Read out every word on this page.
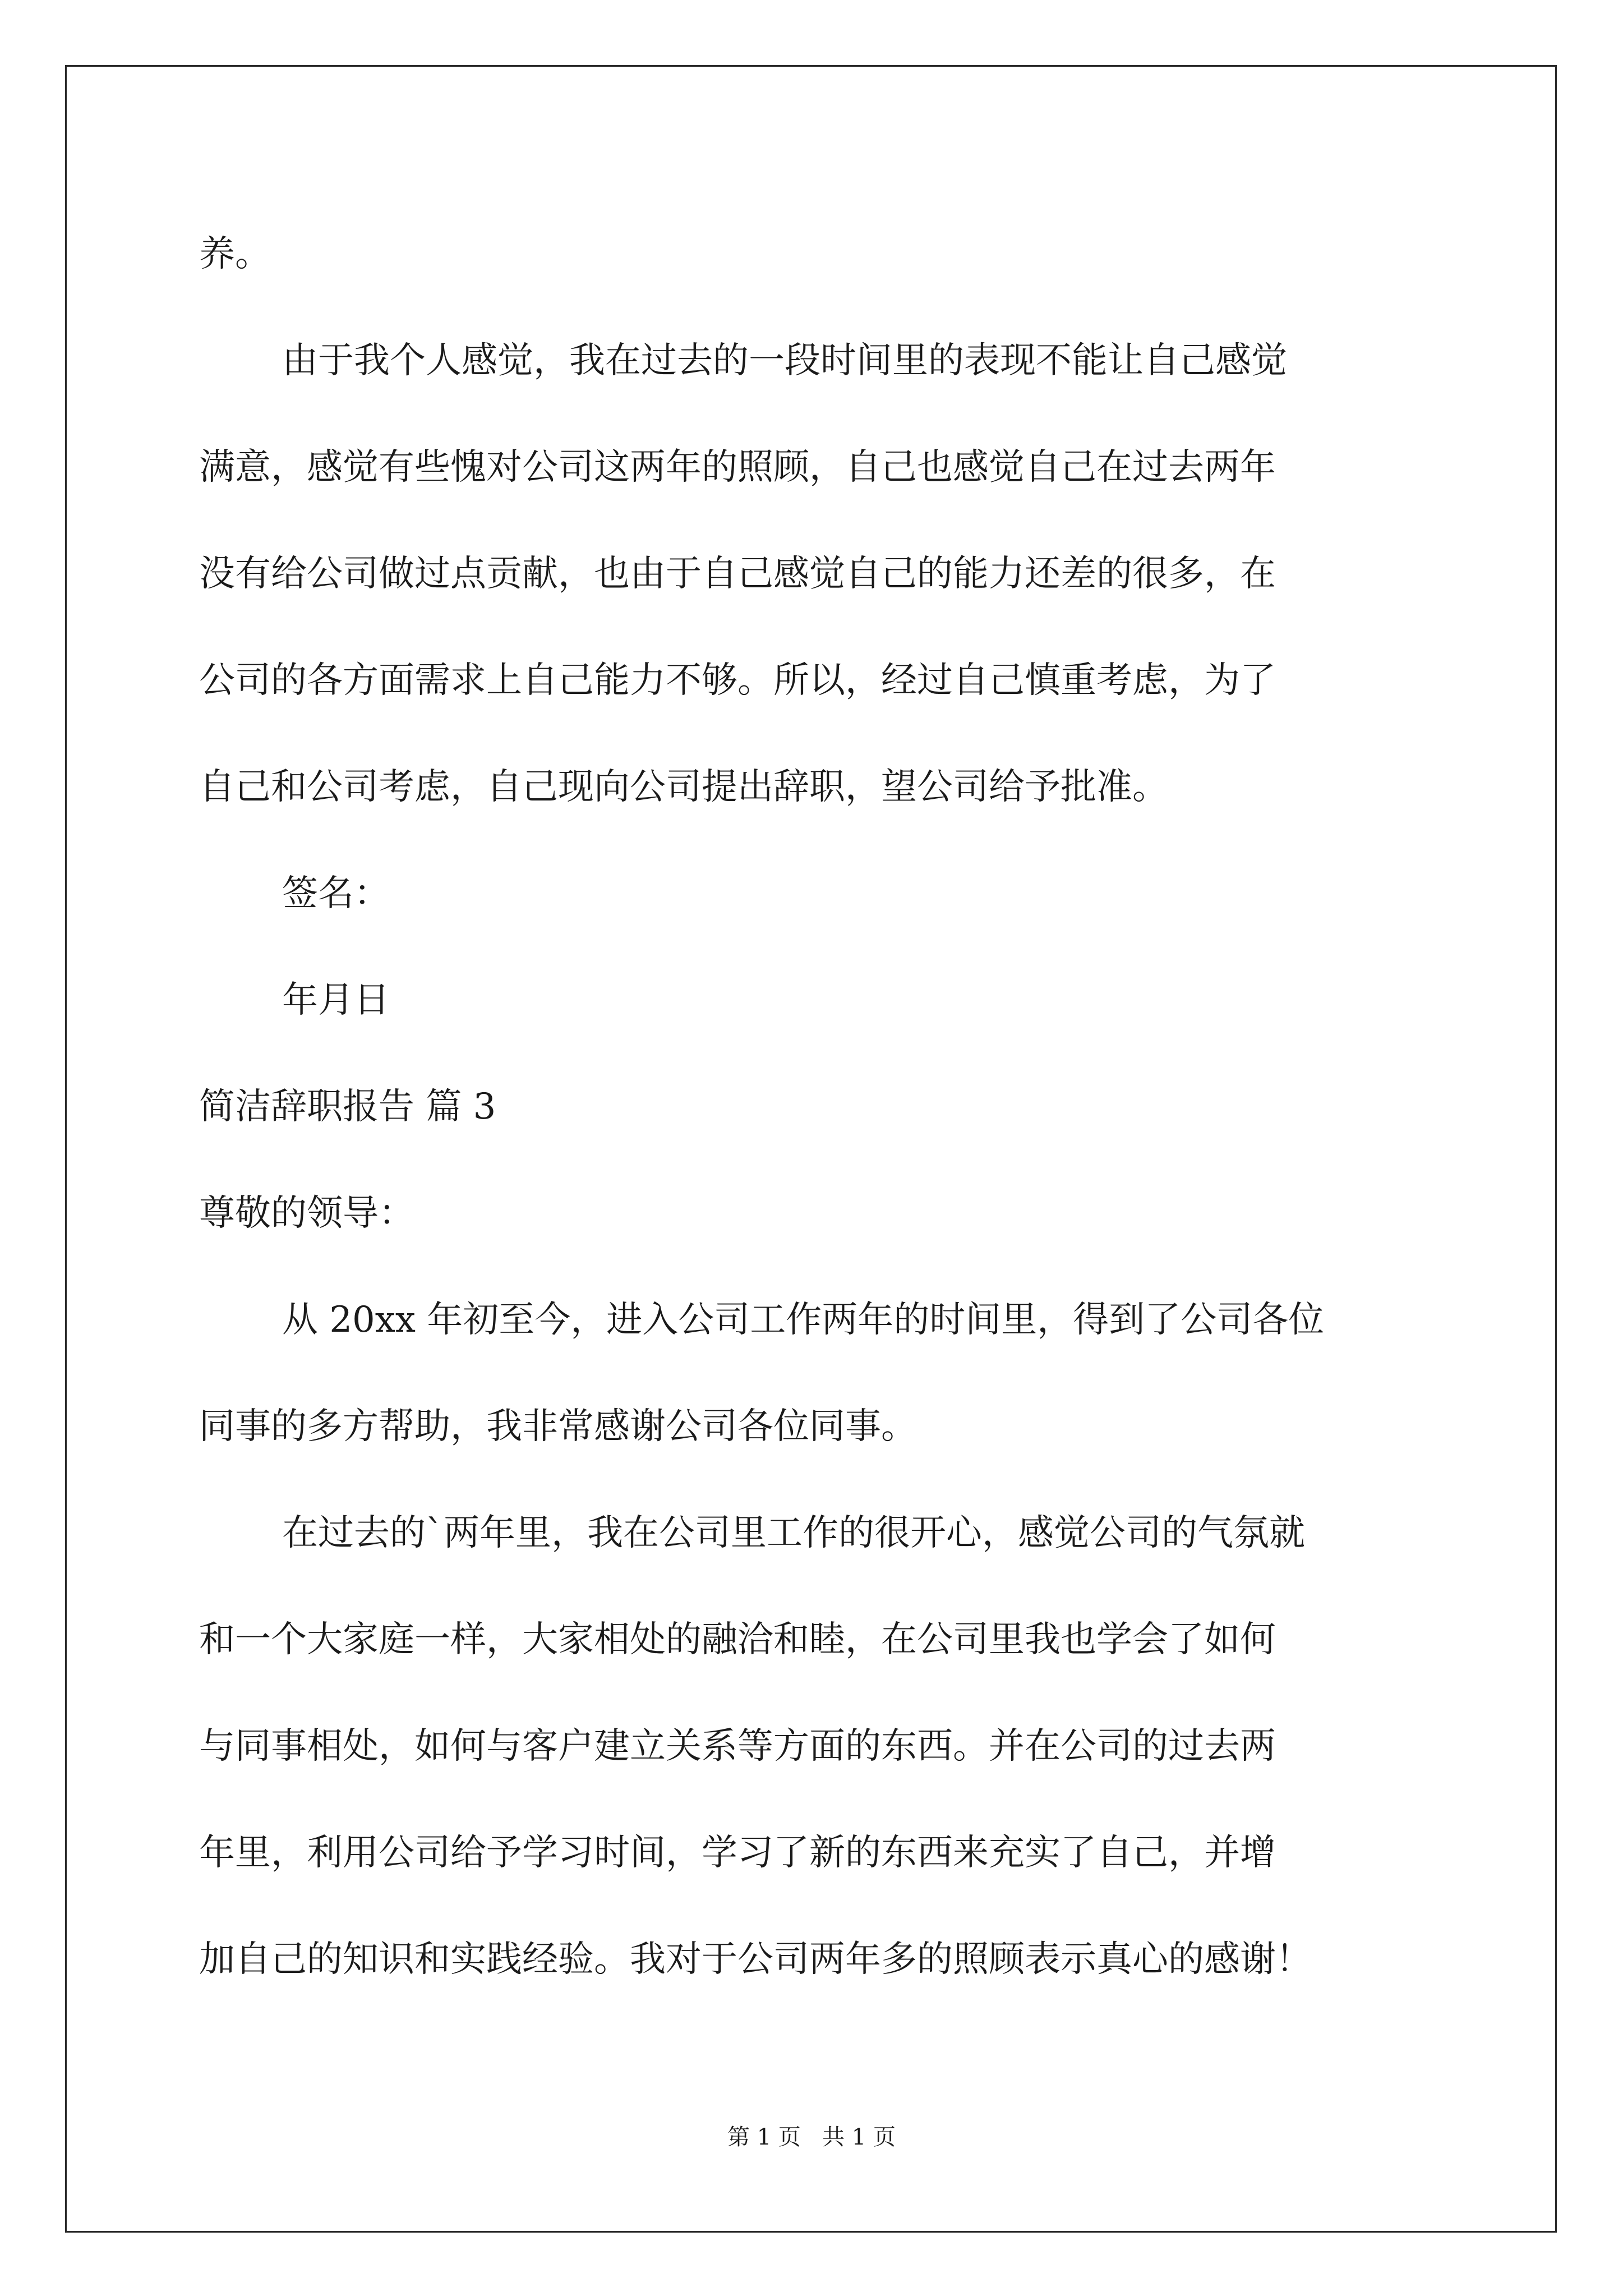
养。

由于我个人感觉，我在过去的一段时间里的表现不能让自己感觉

满意，感觉有些愧对公司这两年的照顾，自己也感觉自己在过去两年

没有给公司做过点贡献，也由于自己感觉自己的能力还差的很多，在

公司的各方面需求上自己能力不够。所以，经过自己慎重考虑，为了

自己和公司考虑，自己现向公司提出辞职，望公司给予批准。

签名：

年月日

简洁辞职报告 篇 3

尊敬的领导：

从 20xx 年初至今，进入公司工作两年的时间里，得到了公司各位

同事的多方帮助，我非常感谢公司各位同事。

在过去的`两年里，我在公司里工作的很开心，感觉公司的气氛就

和一个大家庭一样，大家相处的融洽和睦，在公司里我也学会了如何

与同事相处，如何与客户建立关系等方面的东西。并在公司的过去两

年里，利用公司给予学习时间，学习了新的东西来充实了自己，并增

加自己的知识和实践经验。我对于公司两年多的照顾表示真心的感谢！

第 1 页   共 1 页
